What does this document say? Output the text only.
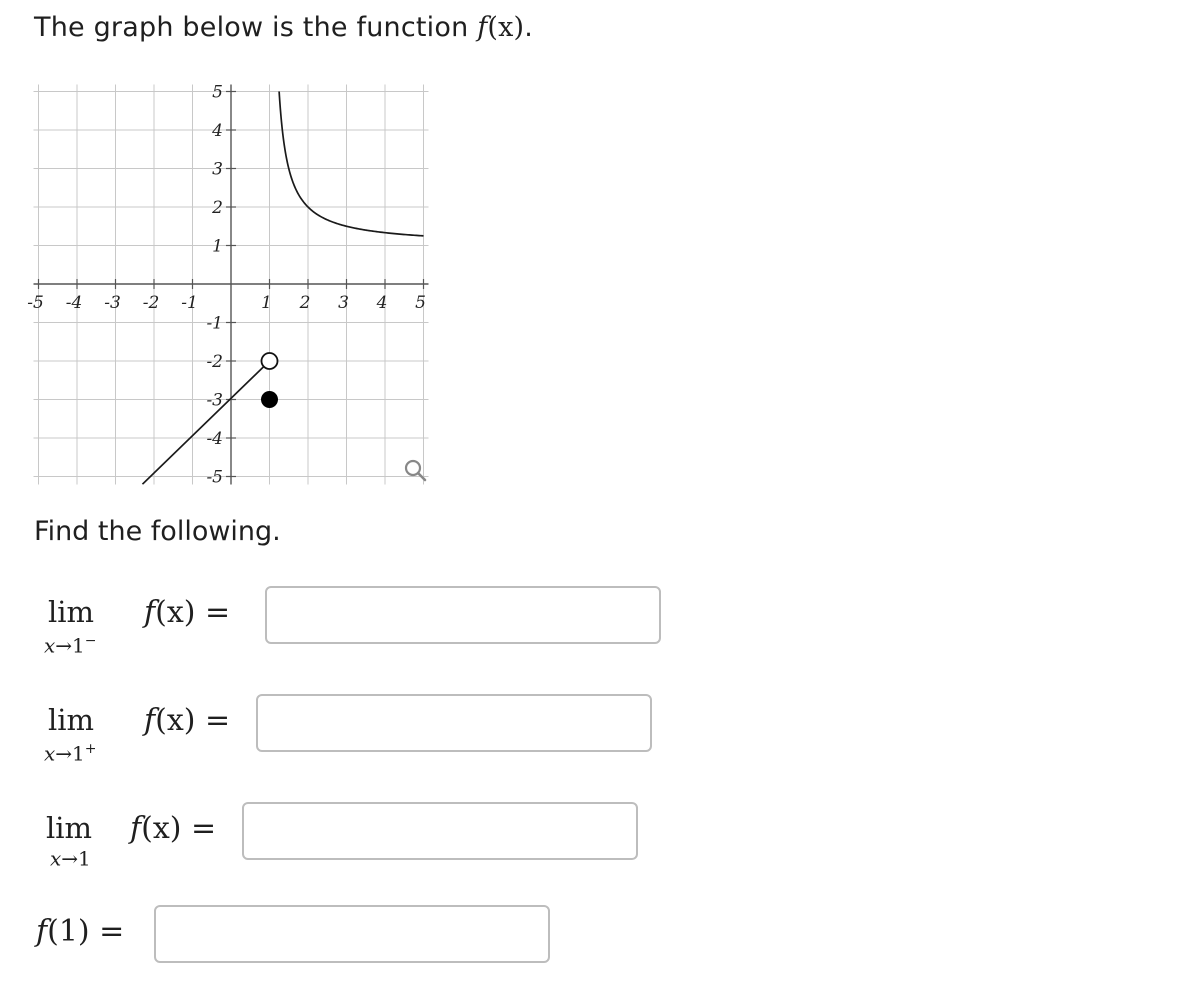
The graph below is the function f(x).
-5 -4 -3 -2 -1	1 2 3 4 5
5
4
3
2
1
-1
-2
-3
-4
-5
Find the following.
lim
x→1−
f(x) =
lim
x→1+
f(x) =
lim
x→1
f(x) =
f(1) =
